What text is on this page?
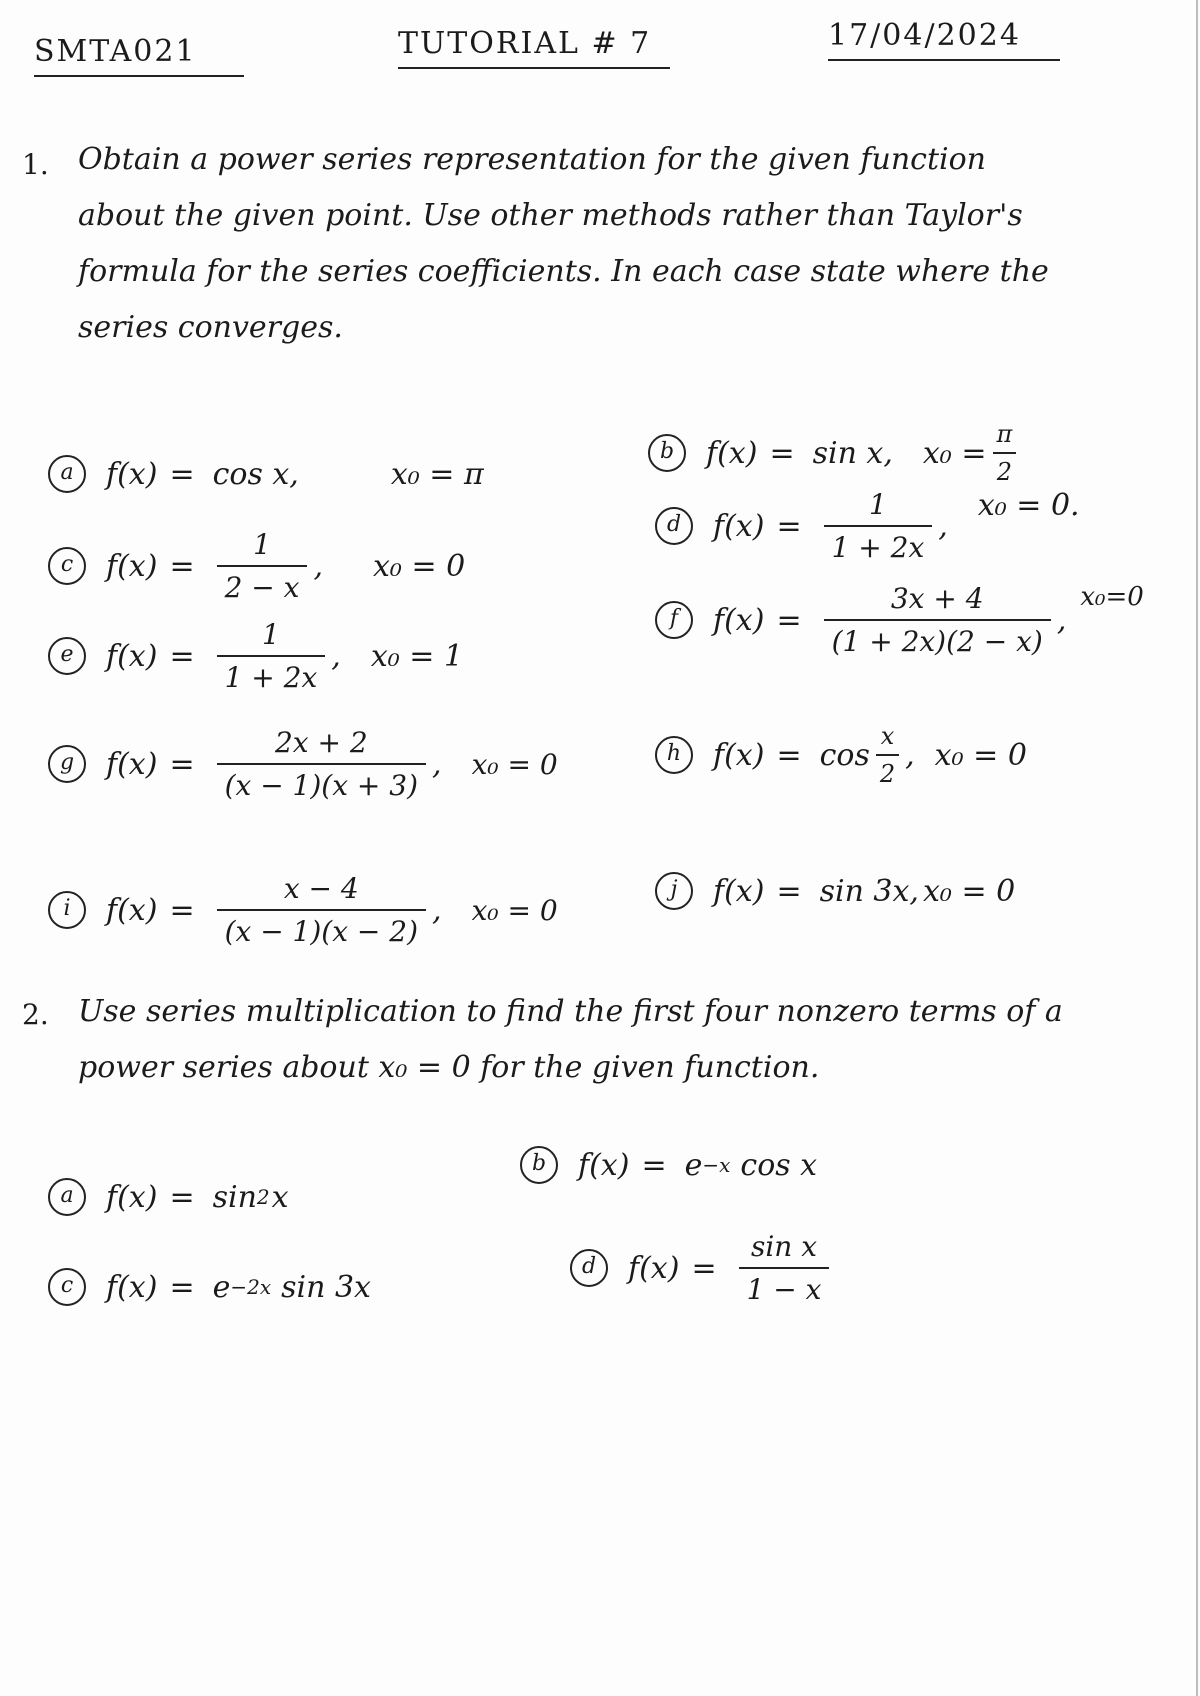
SMTA021	TUTORIAL # 7	17/04/2024
1. Obtain a power series representation for the given function about the given point. Use other methods rather than Taylor's formula for the series coefficients. In each case state where the series converges.
a	f(x) = cos x,	x₀ = π
b	f(x) = sin x, $x_0 = \frac{\pi}{2}$
c	$f(x) = \frac{1}{2 - x}$ , x₀ = 0
d	$f(x) = \frac{1}{1 + 2x}$ ,
x₀ = 0.
e	$f(x) = \frac{1}{1 + 2x}$ , x₀ = 1
f	$f(x) = \frac{3x + 4}{(1 + 2x)(2 - x)}$ ,
x₀=0
g	$f(x) = \frac{2x + 2}{(x - 1)(x + 3)}$ , x₀ = 0	h	$f(x) = \cos \frac{x}{2}$ , x₀ = 0
i	$f(x) = \frac{x - 4}{(x - 1)(x - 2)}$ , x₀ = 0
j	f(x) = sin 3x, x₀ = 0
2. Use series multiplication to find the first four nonzero terms of a power series about x₀ = 0 for the given function.
a	f(x) = sin 2 x
b	f(x) = e −x cos x
c	f(x) = e −2x sin 3x
d	$f(x) = \frac{\text{sin x}}{1 - x}$
